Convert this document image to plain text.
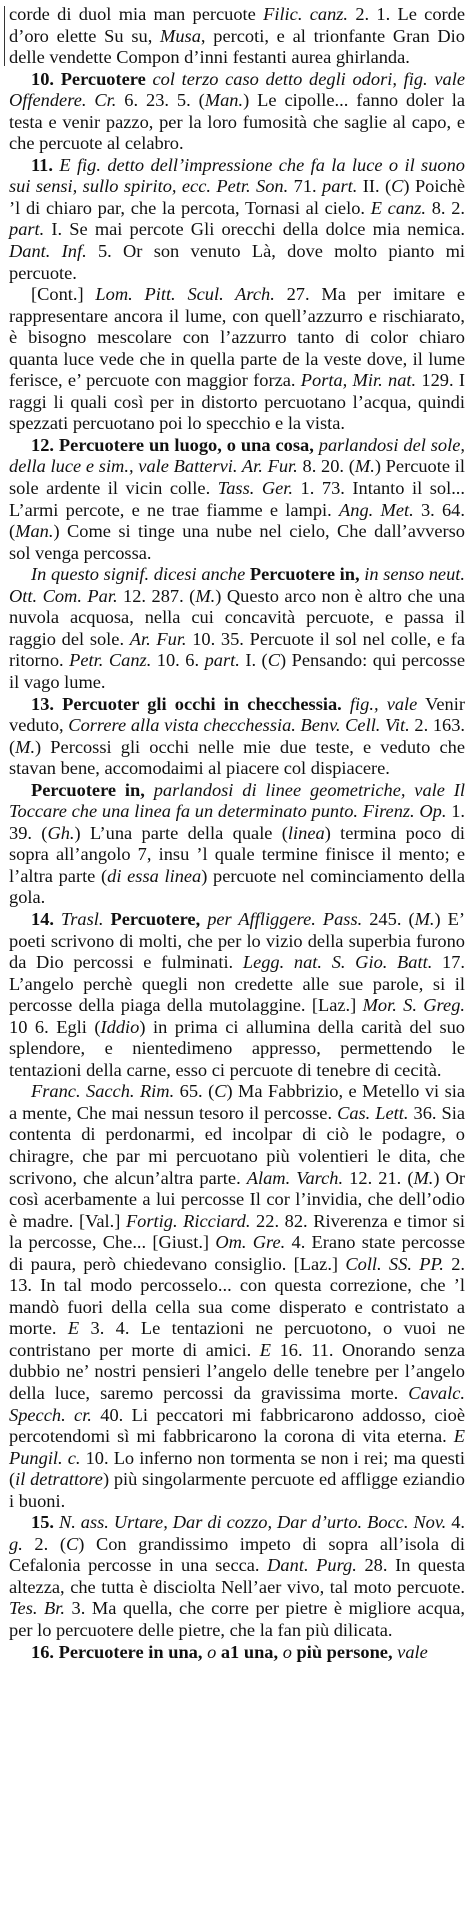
corde di duol mia man percuote Filic. canz. 2. 1. Le corde d’oro elette Su su, Musa, percoti, e al trionfante Gran Dio delle vendette Compon d’inni festanti aurea ghirlanda.

10. Percuotere col terzo caso detto degli odori, fig. vale Offendere. Cr. 6. 23. 5. (Man.) Le cipolle... fanno doler la testa e venir pazzo, per la loro fumosità che saglie al capo, e che percuote al celabro.

11. E fig. detto dell’impressione che fa la luce o il suono sui sensi, sullo spirito, ecc. Petr. Son. 71. part. II. (C) Poichè ’l di chiaro par, che la percota, Tornasi al cielo. E canz. 8. 2. part. I. Se mai percote Gli orecchi della dolce mia nemica. Dant. Inf. 5. Or son venuto Là, dove molto pianto mi percuote.

[Cont.] Lom. Pitt. Scul. Arch. 27. Ma per imitare e rappresentare ancora il lume, con quell’azzurro e rischiarato, è bisogno mescolare con l’azzurro tanto di color chiaro quanta luce vede che in quella parte de la veste dove, il lume ferisce, e’ percuote con maggior forza. Porta, Mir. nat. 129. I raggi li quali così per in distorto percuotano l’acqua, quindi spezzati percuotano poi lo specchio e la vista.

12. Percuotere un luogo, o una cosa, parlandosi del sole, della luce e sim., vale Battervi. Ar. Fur. 8. 20. (M.) Percuote il sole ardente il vicin colle. Tass. Ger. 1. 73. Intanto il sol... L’armi percote, e ne trae fiamme e lampi. Ang. Met. 3. 64. (Man.) Come si tinge una nube nel cielo, Che dall’avverso sol venga percossa.

In questo signif. dicesi anche Percuotere in, in senso neut. Ott. Com. Par. 12. 287. (M.) Questo arco non è altro che una nuvola acquosa, nella cui concavità percuote, e passa il raggio del sole. Ar. Fur. 10. 35. Percuote il sol nel colle, e fa ritorno. Petr. Canz. 10. 6. part. I. (C) Pensando: qui percosse il vago lume.

13. Percuoter gli occhi in checchessia. fig., vale Venir veduto, Correre alla vista checchessia. Benv. Cell. Vit. 2. 163. (M.) Percossi gli occhi nelle mie due teste, e veduto che stavan bene, accomodaimi al piacere col dispiacere.

Percuotere in, parlandosi di linee geometriche, vale Il Toccare che una linea fa un determinato punto. Firenz. Op. 1. 39. (Gh.) L’una parte della quale (linea) termina poco di sopra all’angolo 7, insu ’l quale termine finisce il mento; e l’altra parte (di essa linea) percuote nel cominciamento della gola.

14. Trasl. Percuotere, per Affliggere. Pass. 245. (M.) E’ poeti scrivono di molti, che per lo vizio della superbia furono da Dio percossi e fulminati. Legg. nat. S. Gio. Batt. 17. L’angelo perchè quegli non credette alle sue parole, si il percosse della piaga della mutolaggine. [Laz.] Mor. S. Greg. 10 6. Egli (Iddio) in prima ci allumina della carità del suo splendore, e nientedimeno appresso, permettendo le tentazioni della carne, esso ci percuote di tenebre di cecità.

Franc. Sacch. Rim. 65. (C) Ma Fabbrizio, e Metello vi sia a mente, Che mai nessun tesoro il percosse. Cas. Lett. 36. Sia contenta di perdonarmi, ed incolpar di ciò le podagre, o chiragre, che par mi percuotano più volentieri le dita, che scrivono, che alcun’altra parte. Alam. Varch. 12. 21. (M.) Or così acerbamente a lui percosse Il cor l’invidia, che dell’odio è madre. [Val.] Fortig. Ricciard. 22. 82. Riverenza e timor si la percosse, Che... [Giust.] Om. Gre. 4. Erano state percosse di paura, però chiedevano consiglio. [Laz.] Coll. SS. PP. 2. 13. In tal modo percosselo... con questa correzione, che ’l mandò fuori della cella sua come disperato e contristato a morte. E 3. 4. Le tentazioni ne percuotono, o vuoi ne contristano per morte di amici. E 16. 11. Onorando senza dubbio ne’ nostri pensieri l’angelo delle tenebre per l’angelo della luce, saremo percossi da gravissima morte. Cavalc. Specch. cr. 40. Li peccatori mi fabbricarono addosso, cioè percotendomi sì mi fabbricarono la corona di vita eterna. E Pungil. c. 10. Lo inferno non tormenta se non i rei; ma questi (il detrattore) più singolarmente percuote ed affligge eziandio i buoni.

15. N. ass. Urtare, Dar di cozzo, Dar d’urto. Bocc. Nov. 4. g. 2. (C) Con grandissimo impeto di sopra all’isola di Cefalonia percosse in una secca. Dant. Purg. 28. In questa altezza, che tutta è disciolta Nell’aer vivo, tal moto percuote. Tes. Br. 3. Ma quella, che corre per pietre è migliore acqua, per lo percuotere delle pietre, che la fan più dilicata.

16. Percuotere in una, o a1 una, o più persone, vale
